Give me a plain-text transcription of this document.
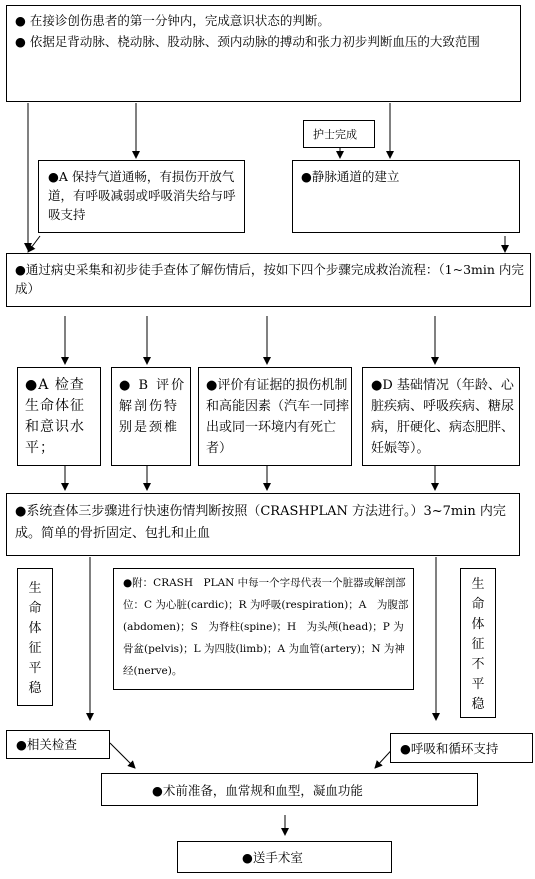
● 在接诊创伤患者的第一分钟内，完成意识状态的判断。
● 依据足背动脉、桡动脉、股动脉、颈内动脉的搏动和张力初步判断血压的大致范围
●A 保持气道通畅，有损伤开放气道，有呼吸减弱或呼吸消失给与呼吸支持
护士完成
●静脉通道的建立
●通过病史采集和初步徒手查体了解伤情后，按如下四个步骤完成救治流程：（1~3min 内完成）
●A 检查生命体征和意识水平；
● B 评价解剖伤特别是颈椎
●评价有证据的损伤机制和高能因素（汽车一同摔出或同一环境内有死亡者）
●D 基础情况（年龄、心脏疾病、呼吸疾病、糖尿病，肝硬化、病态肥胖、妊娠等）。
●系统查体三步骤进行快速伤情判断按照（CRASHPLAN 方法进行。）3~7min 内完成。简单的骨折固定、包扎和止血
生命体征平稳
●附：CRASH　PLAN 中每一个字母代表一个脏器或解剖部位：C 为心脏(cardic)；R 为呼吸(respiration)；A　为腹部(abdomen)；S　为脊柱(spine)；H　为头颅(head)；P 为骨盆(pelvis)；L 为四肢(limb)；A 为血管(artery)；N 为神经(nerve)。
生命体征不平稳
●相关检查	●呼吸和循环支持
●术前准备，血常规和血型，凝血功能
●送手术室
